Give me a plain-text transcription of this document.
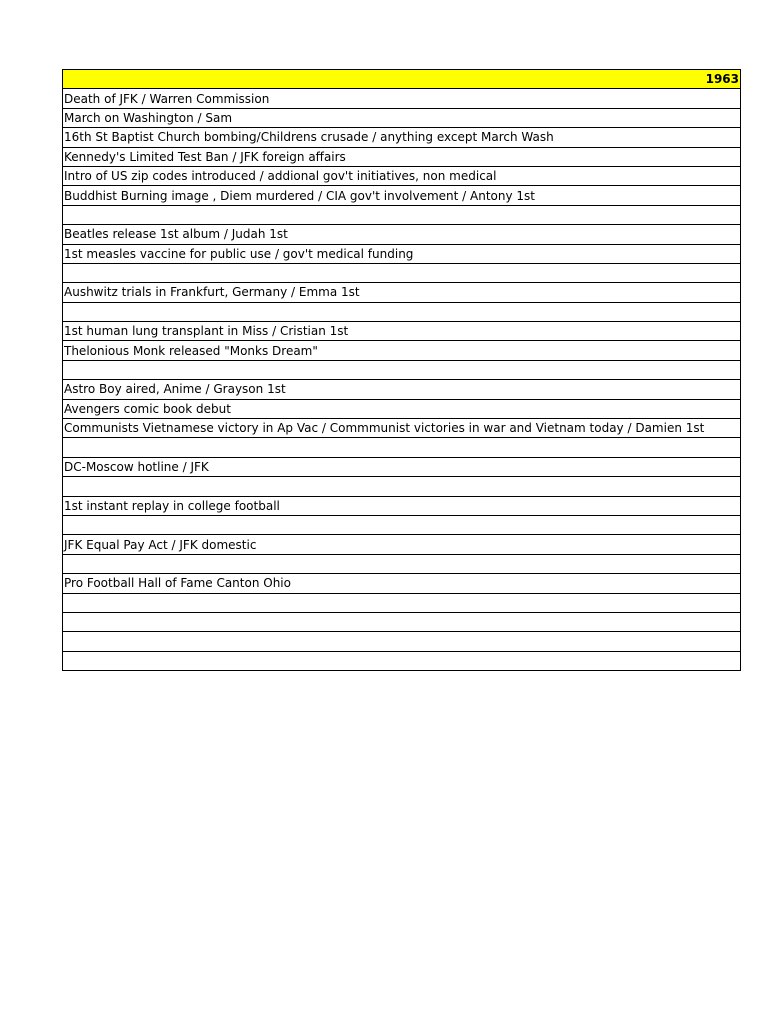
1963
Death of JFK / Warren Commission
March on Washington / Sam
16th St Baptist Church bombing/Childrens crusade / anything except March Wash
Kennedy's Limited Test Ban / JFK foreign affairs
Intro of US zip codes introduced / addional gov't initiatives, non medical
Buddhist Burning image , Diem murdered / CIA gov't involvement / Antony 1st

Beatles release 1st album / Judah 1st
1st measles vaccine for public use / gov't medical funding

Aushwitz trials in Frankfurt, Germany / Emma 1st

1st human lung transplant in Miss / Cristian 1st
Thelonious Monk released "Monks Dream"

Astro Boy aired, Anime / Grayson 1st
Avengers comic book debut
Communists Vietnamese victory in Ap Vac / Commmunist victories in war and Vietnam today / Damien 1st

DC-Moscow hotline / JFK

1st instant replay in college football

JFK Equal Pay Act / JFK domestic

Pro Football Hall of Fame Canton Ohio
